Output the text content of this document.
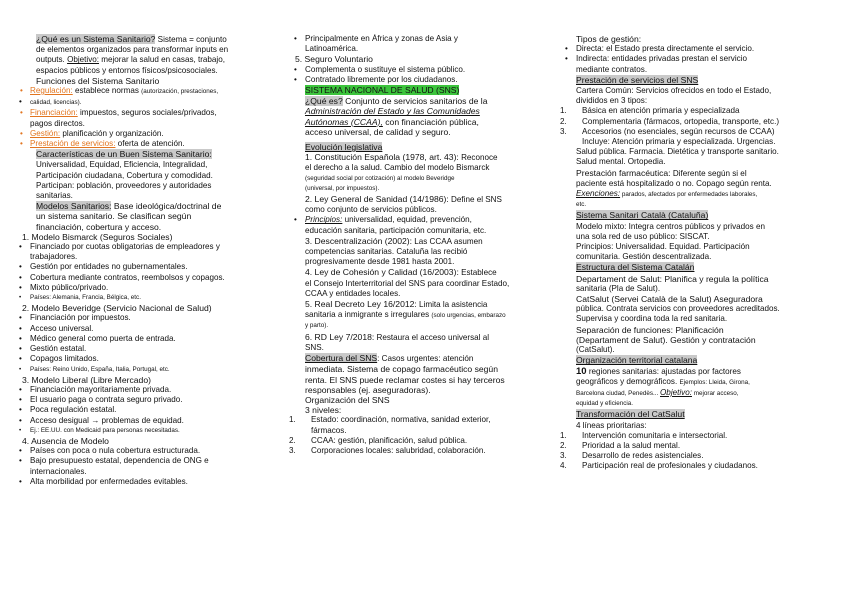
¿Qué es un Sistema Sanitario? Sistema = conjunto
de elementos organizados para transformar inputs en
outputs. Objetivo: mejorar la salud en casas, trabajo,
espacios públicos y entornos físicos/psicosociales.
Funciones del Sistema Sanitario
• Regulación: establece normas (autorización, prestaciones,
• calidad, licencias).
• Financiación: impuestos, seguros sociales/privados,
pagos directos.
• Gestión: planificación y organización.
• Prestación de servicios: oferta de atención.
Características de un Buen Sistema Sanitario:
Universalidad, Equidad, Eficiencia, Integralidad,
Participación ciudadana, Cobertura y comodidad.
Participan: población, proveedores y autoridades
sanitarias.
Modelos Sanitarios: Base ideológica/doctrinal de
un sistema sanitario. Se clasifican según
financiación, cobertura y acceso.
1. Modelo Bismarck (Seguros Sociales)
• Financiado por cuotas obligatorias de empleadores y
trabajadores.
• Gestión por entidades no gubernamentales.
• Cobertura mediante contratos, reembolsos y copagos.
• Mixto público/privado.
• Países: Alemania, Francia, Bélgica, etc.
2. Modelo Beveridge (Servicio Nacional de Salud)
• Financiación por impuestos.
• Acceso universal.
• Médico general como puerta de entrada.
• Gestión estatal.
• Copagos limitados.
• Países: Reino Unido, España, Italia, Portugal, etc.
3. Modelo Liberal (Libre Mercado)
• Financiación mayoritariamente privada.
• El usuario paga o contrata seguro privado.
• Poca regulación estatal.
• Acceso desigual → problemas de equidad.
• Ej.: EE.UU. con Medicaid para personas necesitadas.
4. Ausencia de Modelo
• Países con poca o nula cobertura estructurada.
• Bajo presupuesto estatal, dependencia de ONG e
internacionales.
• Alta morbilidad por enfermedades evitables.
• Principalmente en África y zonas de Asia y
Latinoamérica.
5. Seguro Voluntario
• Complementa o sustituye el sistema público.
• Contratado libremente por los ciudadanos.
SISTEMA NACIONAL DE SALUD (SNS)
¿Qué es? Conjunto de servicios sanitarios de la
Administración del Estado y las Comunidades
Autónomas (CCAA), con financiación pública,
acceso universal, de calidad y seguro.
Evolución legislativa
1. Constitución Española (1978, art. 43): Reconoce
el derecho a la salud. Cambio del modelo Bismarck
(seguridad social por cotización) al modelo Beveridge
(universal, por impuestos).
2. Ley General de Sanidad (14/1986): Define el SNS
como conjunto de servicios públicos.
• Principios: universalidad, equidad, prevención,
educación sanitaria, participación comunitaria, etc.
3. Descentralización (2002): Las CCAA asumen
competencias sanitarias. Cataluña las recibió
progresivamente desde 1981 hasta 2001.
4. Ley de Cohesión y Calidad (16/2003): Establece
el Consejo Interterritorial del SNS para coordinar Estado,
CCAA y entidades locales.
5. Real Decreto Ley 16/2012: Limita la asistencia
sanitaria a inmigrante s irregulares (solo urgencias, embarazo
y parto).
6. RD Ley 7/2018: Restaura el acceso universal al
SNS.
Cobertura del SNS: Casos urgentes: atención
inmediata. Sistema de copago farmacéutico según
renta. El SNS puede reclamar costes si hay terceros
responsables (ej. aseguradoras).
Organización del SNS
3 niveles:
1. Estado: coordinación, normativa, sanidad exterior,
fármacos.
2. CCAA: gestión, planificación, salud pública.
3. Corporaciones locales: salubridad, colaboración.
Tipos de gestión:
• Directa: el Estado presta directamente el servicio.
• Indirecta: entidades privadas prestan el servicio
mediante contratos.
Prestación de servicios del SNS
Cartera Común: Servicios ofrecidos en todo el Estado,
divididos en 3 tipos:
1. Básica en atención primaria y especializada
2. Complementaria (fármacos, ortopedia, transporte, etc.)
3. Accesorios (no esenciales, según recursos de CCAA)
Incluye: Atención primaria y especializada. Urgencias.
Salud pública. Farmacia. Dietética y transporte sanitario.
Salud mental. Ortopedia.
Prestación farmacéutica: Diferente según si el
paciente está hospitalizado o no. Copago según renta.
Exenciones: parados, afectados por enfermedades laborales,
etc.
Sistema Sanitari Català (Cataluña)
Modelo mixto: Integra centros públicos y privados en
una sola red de uso público: SISCAT.
Principios: Universalidad. Equidad. Participación
comunitaria. Gestión descentralizada.
Estructura del Sistema Catalán
Departament de Salut: Planifica y regula la política
sanitaria (Pla de Salut).
CatSalut (Servei Català de la Salut) Aseguradora
pública. Contrata servicios con proveedores acreditados.
Supervisa y coordina toda la red sanitaria.
Separación de funciones: Planificación
(Departament de Salut). Gestión y contratación
(CatSalut).
Organización territorial catalana
10 regiones sanitarias: ajustadas por factores
geográficos y demográficos. Ejemplos: Lleida, Girona,
Barcelona ciudad, Penedès... Objetivo: mejorar acceso,
equidad y eficiencia.
Transformación del CatSalut
4 líneas prioritarias:
1. Intervención comunitaria e intersectorial.
2. Prioridad a la salud mental.
3. Desarrollo de redes asistenciales.
4. Participación real de profesionales y ciudadanos.
